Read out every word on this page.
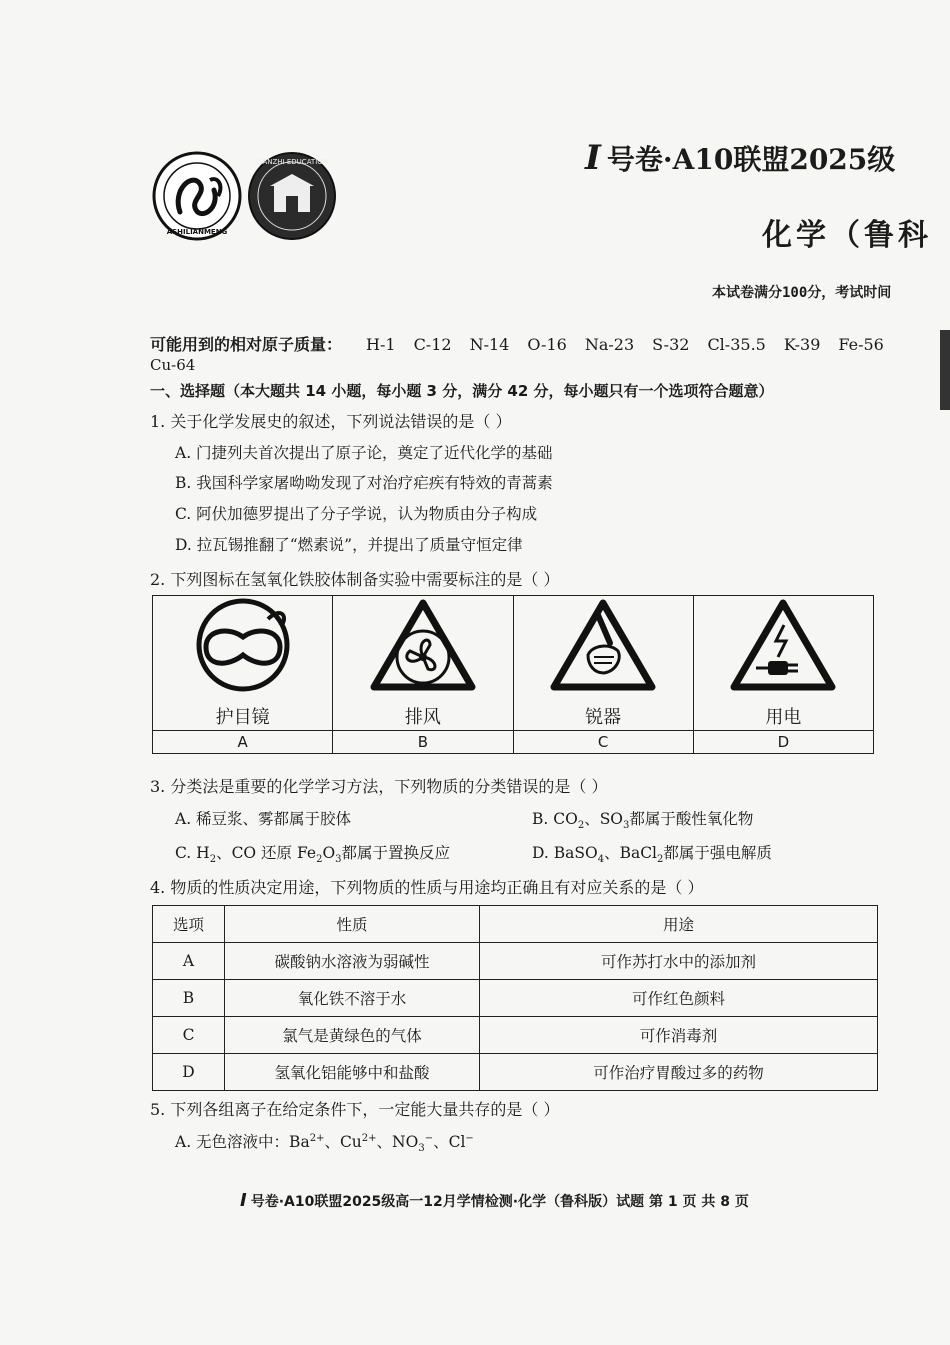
ASHILIANMENG
WANZHI EDUCATION	I 号卷·A10联盟2025级
化学（鲁科
本试卷满分100分，考试时间
可能用到的相对原子质量： H-1 C-12 N-14 O-16 Na-23 S-32 Cl-35.5 K-39 Fe-56
Cu-64
一、选择题（本大题共 14 小题，每小题 3 分，满分 42 分，每小题只有一个选项符合题意）
1. 关于化学发展史的叙述，下列说法错误的是（ ）
A. 门捷列夫首次提出了原子论，奠定了近代化学的基础
B. 我国科学家屠呦呦发现了对治疗疟疾有特效的青蒿素
C. 阿伏加德罗提出了分子学说，认为物质由分子构成
D. 拉瓦锡推翻了“燃素说”，并提出了质量守恒定律
2. 下列图标在氢氧化铁胶体制备实验中需要标注的是（ ）
护目镜	排风	锐器	用电

A	B	C	D
3. 分类法是重要的化学学习方法，下列物质的分类错误的是（ ）
A. 稀豆浆、雾都属于胶体	B. $CO_2$、$SO_3$都属于酸性氧化物
C. $H_2$、CO 还原 $Fe_2O_3$都属于置换反应	D. BaSO$_4$、BaCl$_2$都属于强电解质
4. 物质的性质决定用途，下列物质的性质与用途均正确且有对应关系的是（ ）
选项	性质	用途
A	碳酸钠水溶液为弱碱性	可作苏打水中的添加剂
B	氧化铁不溶于水	可作红色颜料
C	氯气是黄绿色的气体	可作消毒剂
D	氢氧化铝能够中和盐酸	可作治疗胃酸过多的药物
5. 下列各组离子在给定条件下，一定能大量共存的是（ ）
A. 无色溶液中：$Ba^{2+}$、$Cu^{2+}$、$NO_3^-$、Cl−
I 号卷·A10联盟2025级高一12月学情检测·化学（鲁科版）试题 第 1 页 共 8 页
